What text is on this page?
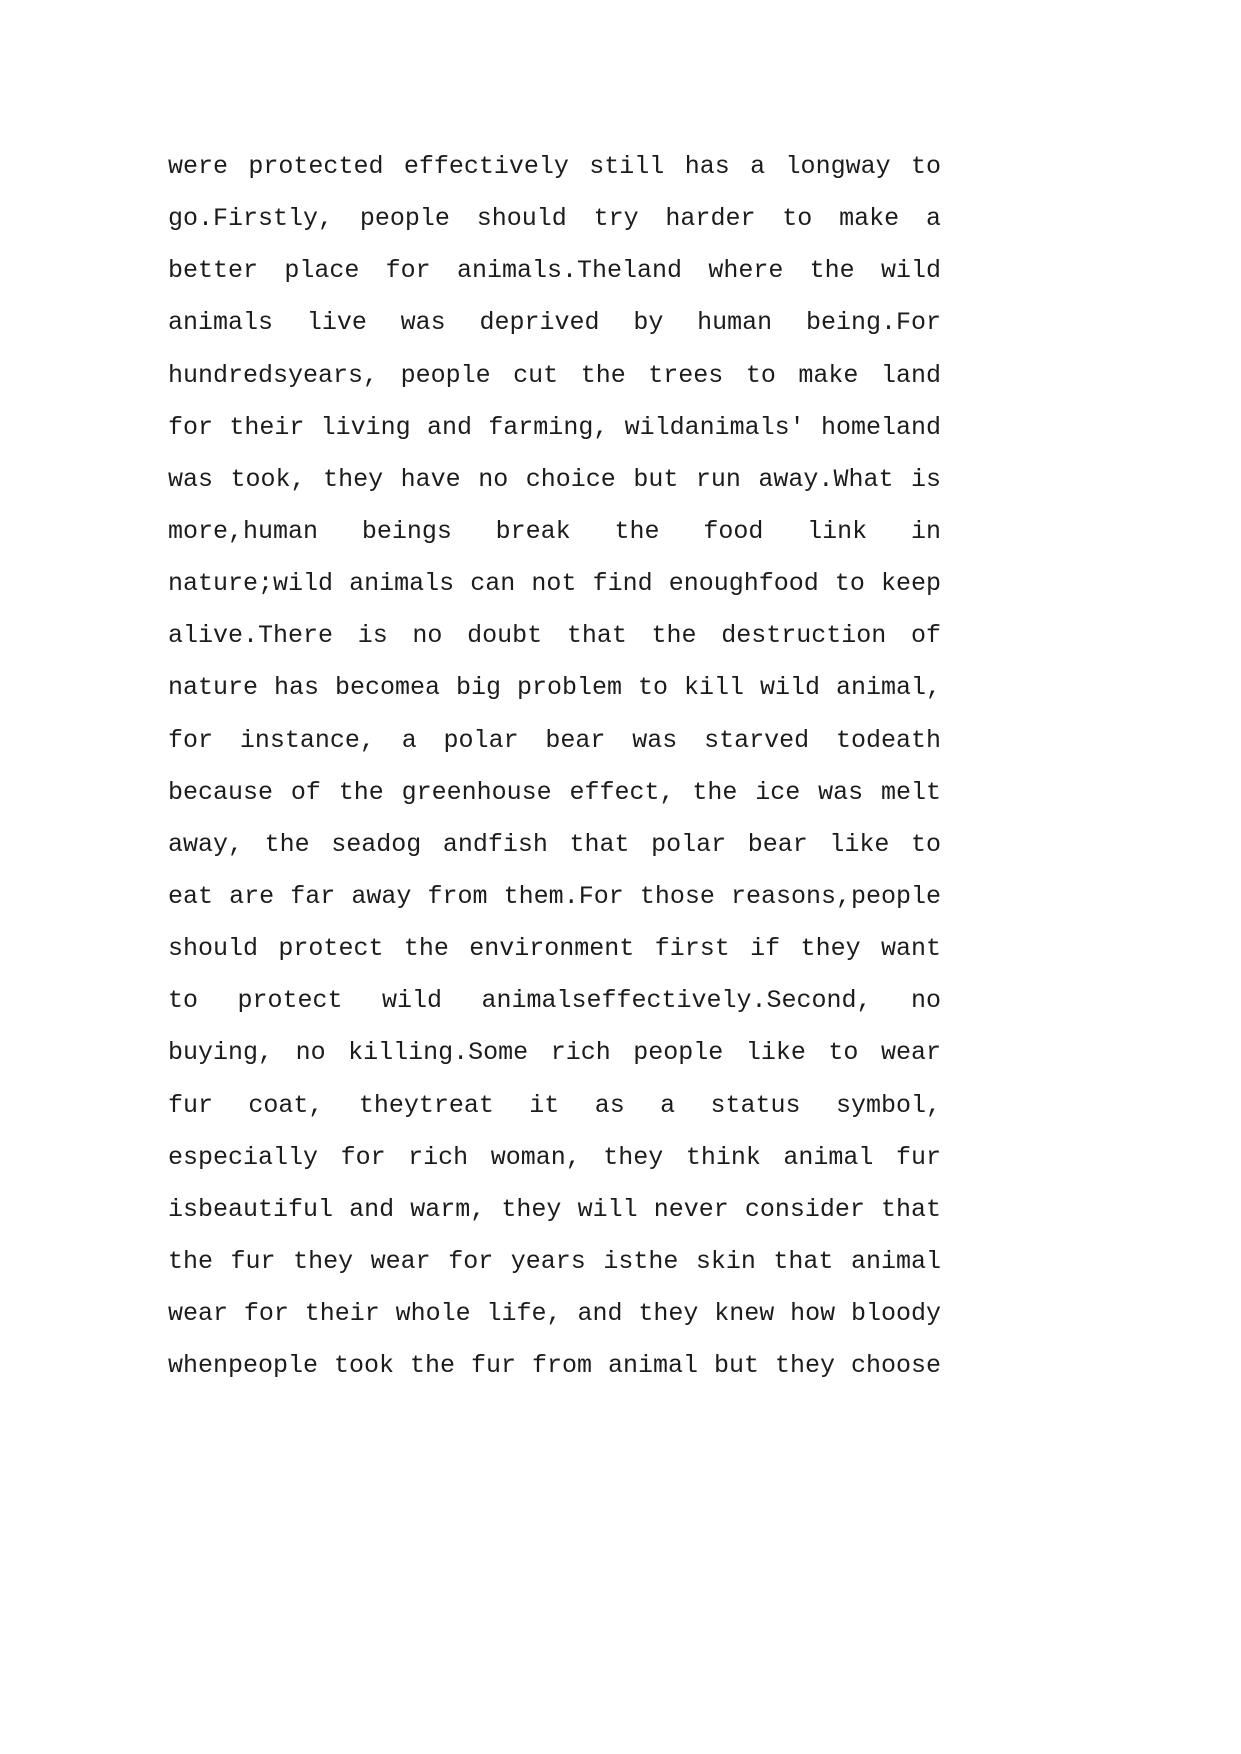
were protected effectively still has a longway to
go.Firstly, people should try harder to make a
better place for animals.Theland where the wild
animals live was deprived by human being.For
hundredsyears, people cut the trees to make land
for their living and farming, wildanimals' homeland
was took, they have no choice but run away.What is
more,human beings break the food link in
nature;wild animals can not find enoughfood to keep
alive.There is no doubt that the destruction of
nature has becomea big problem to kill wild animal,
for instance, a polar bear was starved todeath
because of the greenhouse effect, the ice was melt
away, the seadog andfish that polar bear like to
eat are far away from them.For those reasons,people
should protect the environment first if they want
to protect wild animalseffectively.Second, no
buying, no killing.Some rich people like to wear
fur coat, theytreat it as a status symbol,
especially for rich woman, they think animal fur
isbeautiful and warm, they will never consider that
the fur they wear for years isthe skin that animal
wear for their whole life, and they knew how bloody
whenpeople took the fur from animal but they choose
